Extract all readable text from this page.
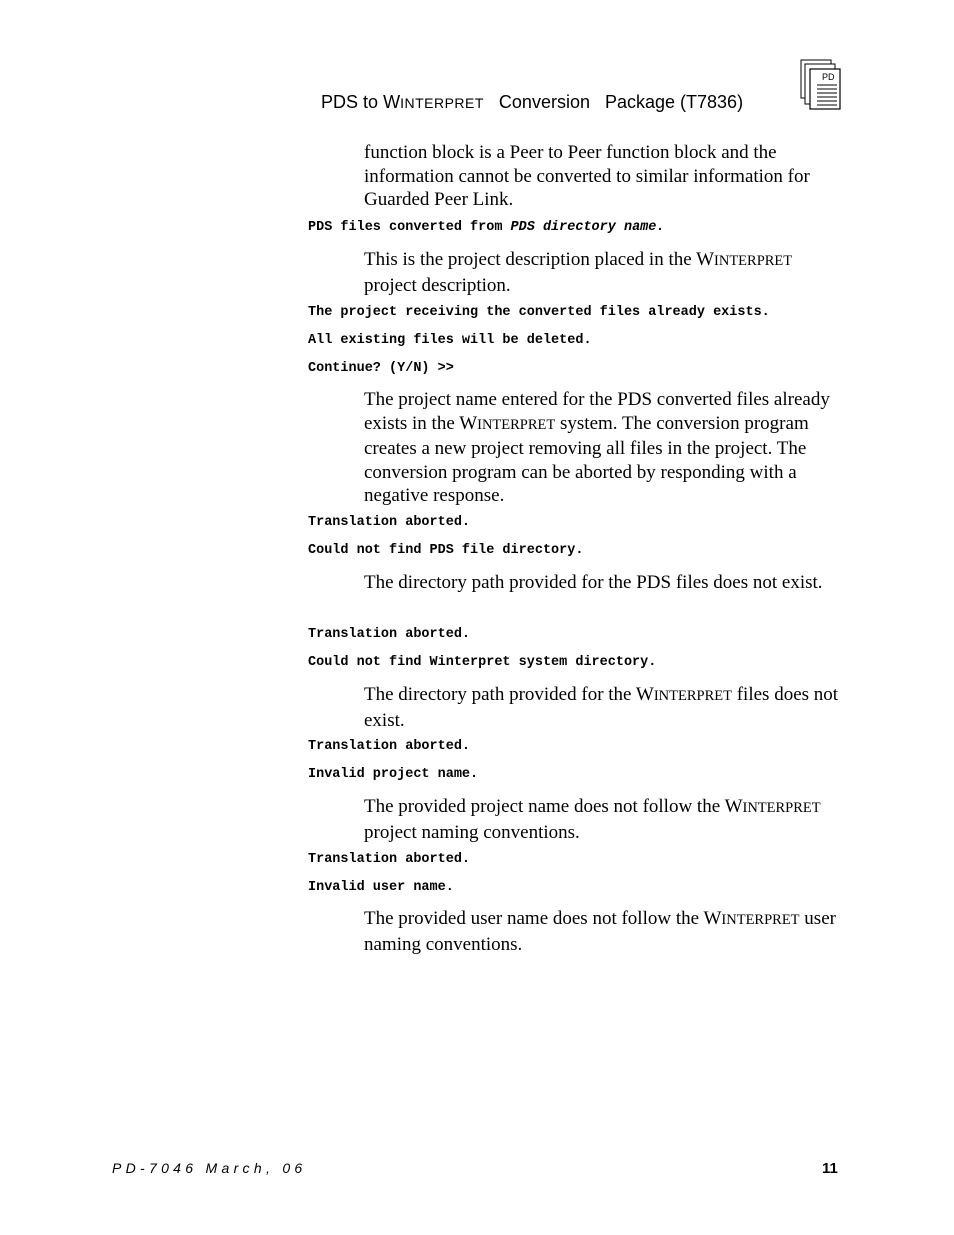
PDS to WINTERPRET Conversion Package (T7836)
PD
function block is a Peer to Peer function block and the information cannot be converted to similar information for Guarded Peer Link.
PDS files converted from PDS directory name.
This is the project description placed in the WINTERPRET project description.
The project receiving the converted files already exists.
All existing files will be deleted.
Continue? (Y/N) >>
The project name entered for the PDS converted files already exists in the WINTERPRET system. The conversion program creates a new project removing all files in the project. The conversion program can be aborted by responding with a negative response.
Translation aborted.
Could not find PDS file directory.
The directory path provided for the PDS files does not exist.
Translation aborted.
Could not find Winterpret system directory.
The directory path provided for the WINTERPRET files does not exist.
Translation aborted.
Invalid project name.
The provided project name does not follow the WINTERPRET project naming conventions.
Translation aborted.
Invalid user name.
The provided user name does not follow the WINTERPRET user naming conventions.
PD-7046 March, 06	11
